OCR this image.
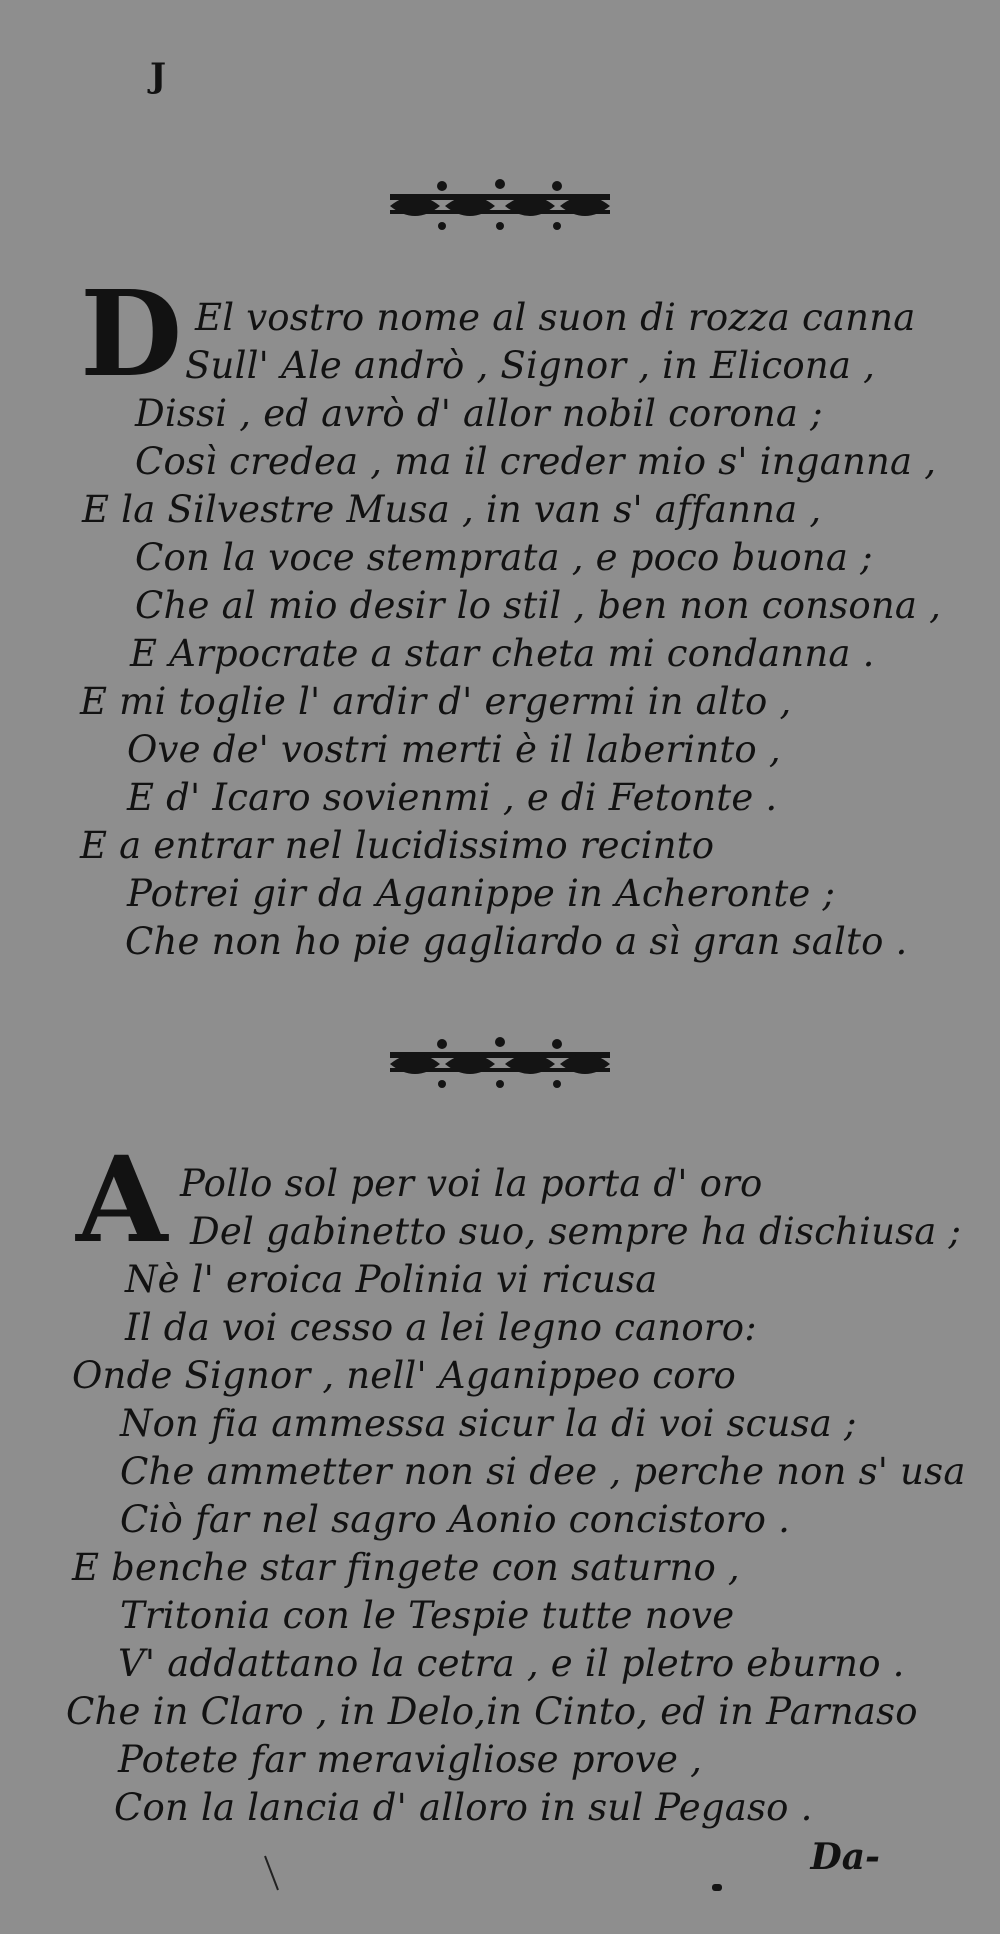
J
D El vostro nome al suon di rozza canna
Sull' Ale andrò , Signor , in Elicona ,
Dissi , ed avrò d' allor nobil corona ;
Così credea , ma il creder mio s' inganna ,
E la Silvestre Musa , in van s' affanna ,
Con la voce stemprata , e poco buona ;
Che al mio desir lo stil , ben non consona ,
E Arpocrate a star cheta mi condanna .
E mi toglie l' ardir d' ergermi in alto ,
Ove de' vostri merti è il laberinto ,
E d' Icaro sovienmi , e di Fetonte .
E a entrar nel lucidissimo recinto
Potrei gir da Aganippe in Acheronte ;
Che non ho pie gagliardo a sì gran salto .
A Pollo sol per voi la porta d' oro
Del gabinetto suo, sempre ha dischiusa ;
Nè l' eroica Polinia vi ricusa
Il da voi cesso a lei legno canoro:
Onde Signor , nell' Aganippeo coro
Non fia ammessa sicur la di voi scusa ;
Che ammetter non si dee , perche non s' usa
Ciò far nel sagro Aonio concistoro .
E benche star fingete con saturno ,
Tritonia con le Tespie tutte nove
V' addattano la cetra , e il pletro eburno .
Che in Claro , in Delo,in Cinto, ed in Parnaso
Potete far meravigliose prove ,
Con la lancia d' alloro in sul Pegaso .
Da-
